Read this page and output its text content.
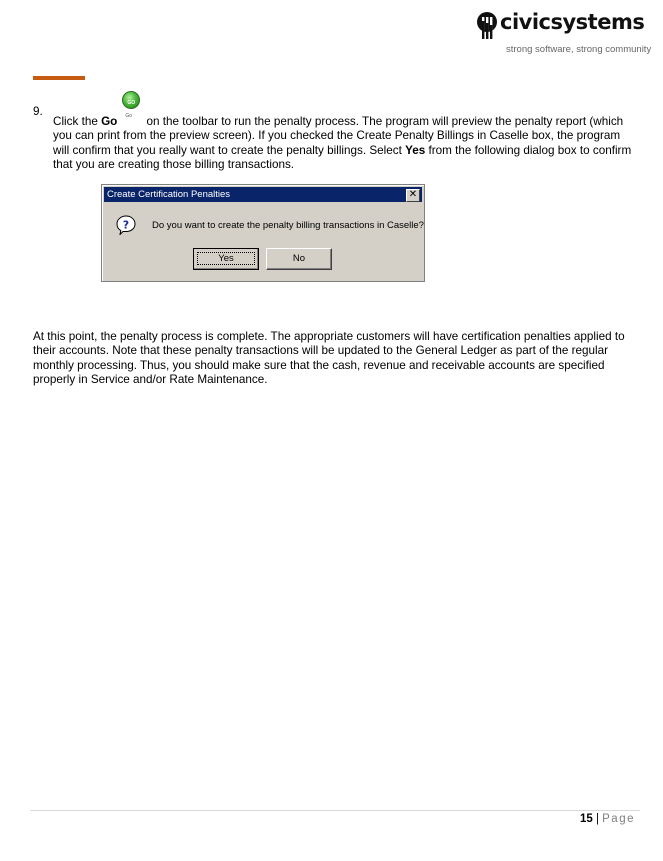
civicsystems
strong software, strong community
9.
Click the Go
GO
Go on the toolbar to run the penalty process. The program will preview the penalty report (which you can print from the preview screen). If you checked the Create Penalty Billings in Caselle box, the program will confirm that you really want to create the penalty billings. Select Yes from the following dialog box to confirm that you are creating those billing transactions.
Create Certification Penalties	✕
? Do you want to create the penalty billing transactions in Caselle?
Yes	No
At this point, the penalty process is complete. The appropriate customers will have certification penalties applied to their accounts. Note that these penalty transactions will be updated to the General Ledger as part of the regular monthly processing. Thus, you should make sure that the cash, revenue and receivable accounts are specified properly in Service and/or Rate Maintenance.
15 | Page
